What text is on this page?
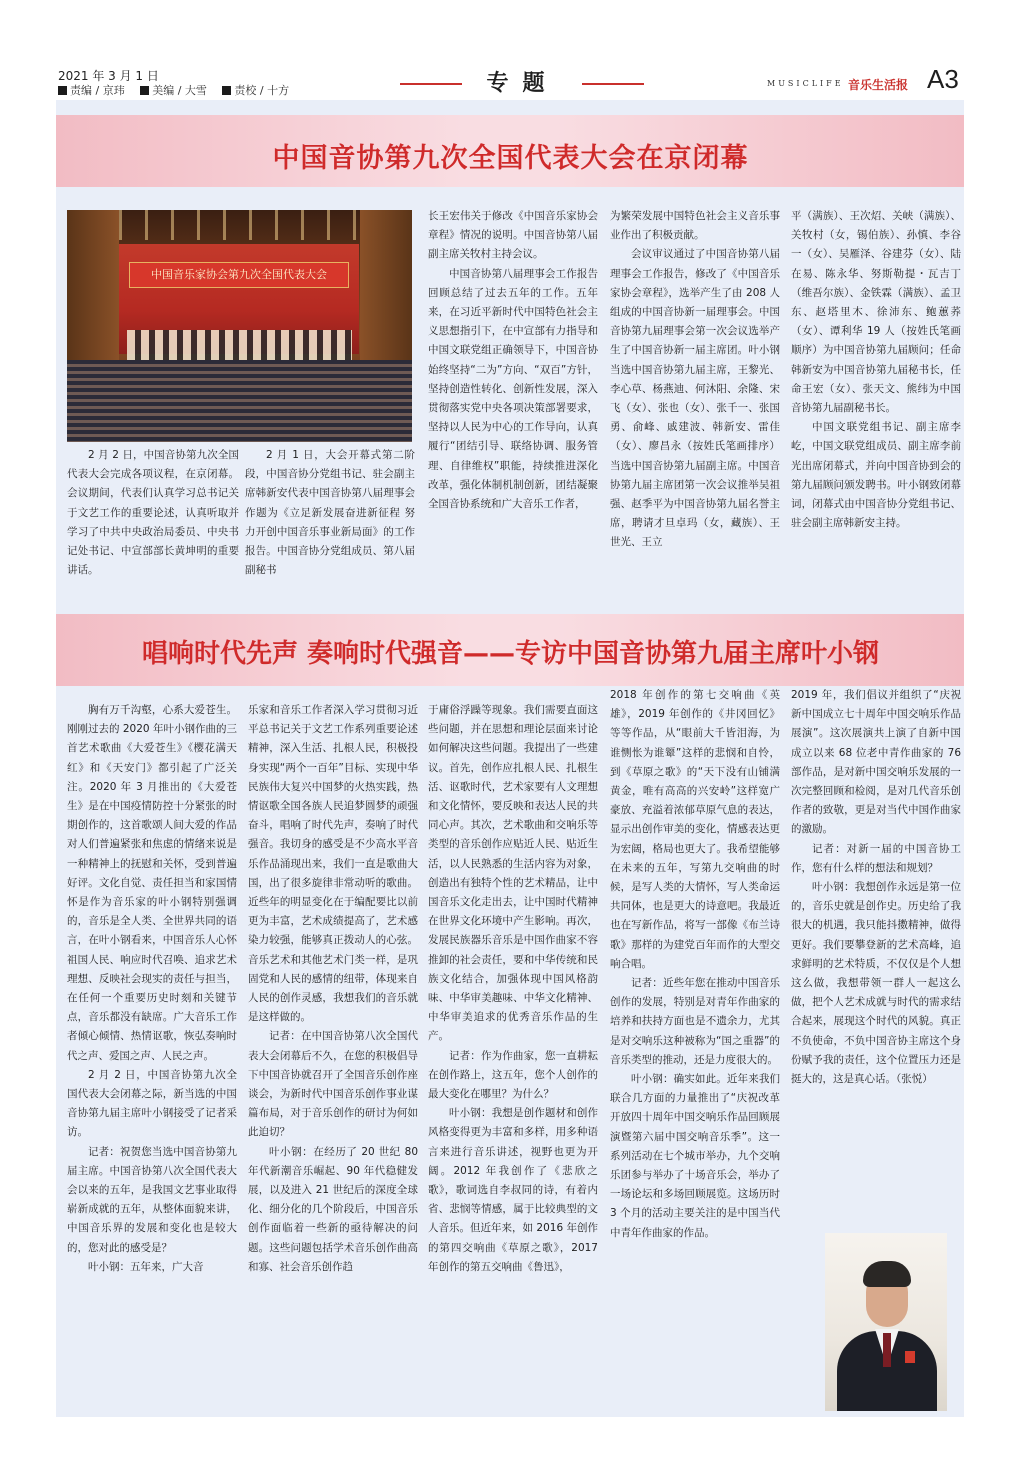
2021 年 3 月 1 日
责编 / 京玮	美编 / 大雪	责校 / 十方	专题	MUSICLIFE 音乐生活报 A3
中国音协第九次全国代表大会在京闭幕
中国音乐家协会第九次全国代表大会
2 月 2 日，中国音协第九次全国代表大会完成各项议程，在京闭幕。会议期间，代表们认真学习总书记关于文艺工作的重要论述，认真听取并学习了中共中央政治局委员、中央书记处书记、中宣部部长黄坤明的重要讲话。
2 月 1 日，大会开幕式第二阶段，中国音协分党组书记、驻会副主席韩新安代表中国音协第八届理事会作题为《立足新发展奋进新征程 努力开创中国音乐事业新局面》的工作报告。中国音协分党组成员、第八届副秘书

长王宏伟关于修改《中国音乐家协会章程》情况的说明。中国音协第八届副主席关牧村主持会议。

中国音协第八届理事会工作报告回顾总结了过去五年的工作。五年来，在习近平新时代中国特色社会主义思想指引下，在中宣部有力指导和中国文联党组正确领导下，中国音协始终坚持“二为”方向、“双百”方针，坚持创造性转化、创新性发展，深入贯彻落实党中央各项决策部署要求，坚持以人民为中心的工作导向，认真履行“团结引导、联络协调、服务管理、自律维权”职能，持续推进深化改革，强化体制机制创新，团结凝聚全国音协系统和广大音乐工作者，

为繁荣发展中国特色社会主义音乐事业作出了积极贡献。

会议审议通过了中国音协第八届理事会工作报告，修改了《中国音乐家协会章程》，选举产生了由 208 人组成的中国音协新一届理事会。中国音协第九届理事会第一次会议选举产生了中国音协新一届主席团。叶小钢当选中国音协第九届主席，王黎光、李心草、杨燕迪、何沐阳、余隆、宋飞（女）、张也（女）、张千一、张国勇、俞峰、戚建波、韩新安、雷佳（女）、廖昌永（按姓氏笔画排序）当选中国音协第九届副主席。中国音协第九届主席团第一次会议推举吴祖强、赵季平为中国音协第九届名誉主席，聘请才旦卓玛（女，藏族）、王世光、王立

平（满族）、王次炤、关峡（满族）、关牧村（女，锡伯族）、孙慎、李谷一（女）、吴雁泽、谷建芬（女）、陆在易、陈永华、努斯勒提・瓦吉丁（维吾尔族）、金铁霖（满族）、孟卫东、赵塔里木、徐沛东、鲍蕙荞（女）、谭利华 19 人（按姓氏笔画顺序）为中国音协第九届顾问；任命韩新安为中国音协第九届秘书长，任命王宏（女）、张天文、熊纬为中国音协第九届副秘书长。

中国文联党组书记、副主席李屹，中国文联党组成员、副主席李前光出席闭幕式，并向中国音协到会的第九届顾问颁发聘书。叶小钢致闭幕词，闭幕式由中国音协分党组书记、驻会副主席韩新安主持。

唱响时代先声 奏响时代强音——专访中国音协第九届主席叶小钢

胸有万千沟壑，心系大爱苍生。刚刚过去的 2020 年叶小钢作曲的三首艺术歌曲《大爱苍生》《樱花满天红》和《天安门》都引起了广泛关注。2020 年 3 月推出的《大爱苍生》是在中国疫情防控十分紧张的时期创作的，这首歌颂人间大爱的作品对人们普遍紧张和焦虑的情绪来说是一种精神上的抚慰和关怀，受到普遍好评。文化自觉、责任担当和家国情怀是作为音乐家的叶小钢特别强调的，音乐是全人类、全世界共同的语言，在叶小钢看来，中国音乐人心怀祖国人民、响应时代召唤、追求艺术理想、反映社会现实的责任与担当，在任何一个重要历史时刻和关键节点，音乐都没有缺席。广大音乐工作者倾心倾情、热情讴歌，恢弘奏响时代之声、爱国之声、人民之声。

2 月 2 日，中国音协第九次全国代表大会闭幕之际，新当选的中国音协第九届主席叶小钢接受了记者采访。

记者：祝贺您当选中国音协第九届主席。中国音协第八次全国代表大会以来的五年，是我国文艺事业取得崭新成就的五年，从整体面貌来讲，中国音乐界的发展和变化也是较大的，您对此的感受是？

叶小钢：五年来，广大音

乐家和音乐工作者深入学习贯彻习近平总书记关于文艺工作系列重要论述精神，深入生活、扎根人民，积极投身实现“两个一百年”目标、实现中华民族伟大复兴中国梦的火热实践，热情讴歌全国各族人民追梦圆梦的顽强奋斗，唱响了时代先声，奏响了时代强音。我切身的感受是不少高水平音乐作品涌现出来，我们一直是歌曲大国，出了很多旋律非常动听的歌曲。近些年的明显变化在于编配要比以前更为丰富，艺术成绩提高了，艺术感染力较强，能够真正拨动人的心弦。音乐艺术和其他艺术门类一样，是巩固党和人民的感情的纽带，体现来自人民的创作灵感，我想我们的音乐就是这样做的。

记者：在中国音协第八次全国代表大会闭幕后不久，在您的积极倡导下中国音协就召开了全国音乐创作座谈会，为新时代中国音乐创作事业谋篇布局，对于音乐创作的研讨为何如此迫切？

叶小钢：在经历了 20 世纪 80 年代新潮音乐崛起、90 年代稳健发展，以及进入 21 世纪后的深度全球化、细分化的几个阶段后，中国音乐创作面临着一些新的亟待解决的问题。这些问题包括学术音乐创作曲高和寡、社会音乐创作趋

于庸俗浮躁等现象。我们需要直面这些问题，并在思想和理论层面来讨论如何解决这些问题。我提出了一些建议。首先，创作应扎根人民、扎根生活、讴歌时代，艺术家要有人文理想和文化情怀，要反映和表达人民的共同心声。其次，艺术歌曲和交响乐等类型的音乐创作应贴近人民、贴近生活，以人民熟悉的生活内容为对象，创造出有独特个性的艺术精品，让中国音乐文化走出去，让中国时代精神在世界文化环境中产生影响。再次，发展民族器乐音乐是中国作曲家不容推卸的社会责任，要和中华传统和民族文化结合，加强体现中国风格韵味、中华审美趣味、中华文化精神、中华审美追求的优秀音乐作品的生产。

记者：作为作曲家，您一直耕耘在创作路上，这五年，您个人创作的最大变化在哪里？为什么？

叶小钢：我想是创作题材和创作风格变得更为丰富和多样，用多种语言来进行音乐讲述，视野也更为开阔。2012 年我创作了《悲欣之歌》，歌词选自李叔同的诗，有着内省、悲悯等情感，属于比较典型的文人音乐。但近年来，如 2016 年创作的第四交响曲《草原之歌》，2017 年创作的第五交响曲《鲁迅》，

2018 年创作的第七交响曲《英雄》，2019 年创作的《井冈回忆》等等作品，从“眼前大千皆泪海，为谁恻怅为谁颦”这样的悲悯和自怜，到《草原之歌》的“天下没有山铺满黄金，唯有高高的兴安岭”这样宽广豪放、充溢着浓郁草原气息的表达，显示出创作审美的变化，情感表达更为宏阔，格局也更大了。我希望能够在未来的五年，写第九交响曲的时候，是写人类的大情怀，写人类命运共同体，也是更大的诗意吧。我最近也在写新作品，将写一部像《布兰诗歌》那样的为建党百年而作的大型交响合唱。

记者：近些年您在推动中国音乐创作的发展，特别是对青年作曲家的培养和扶持方面也是不遗余力，尤其是对交响乐这种被称为“国之重器”的音乐类型的推动，还是力度很大的。

叶小钢：确实如此。近年来我们联合几方面的力量推出了“庆祝改革开放四十周年中国交响乐作品回顾展演暨第六届中国交响音乐季”。这一系列活动在七个城市举办，九个交响乐团参与举办了十场音乐会，举办了一场论坛和多场回顾展览。这场历时 3 个月的活动主要关注的是中国当代中青年作曲家的作品。

2019 年，我们倡议并组织了“庆祝新中国成立七十周年中国交响乐作品展演”。这次展演共上演了自新中国成立以来 68 位老中青作曲家的 76 部作品，是对新中国交响乐发展的一次完整回顾和检阅，是对几代音乐创作者的致敬，更是对当代中国作曲家的激励。

记者：对新一届的中国音协工作，您有什么样的想法和规划？

叶小钢：我想创作永远是第一位的，音乐史就是创作史。历史给了我很大的机遇，我只能抖擞精神，做得更好。我们要攀登新的艺术高峰，追求鲜明的艺术特质，不仅仅是个人想这么做，我想带领一群人一起这么做，把个人艺术成就与时代的需求结合起来，展现这个时代的风貌。真正不负使命，不负中国音协主席这个身份赋予我的责任，这个位置压力还是挺大的，这是真心话。（张悦）
